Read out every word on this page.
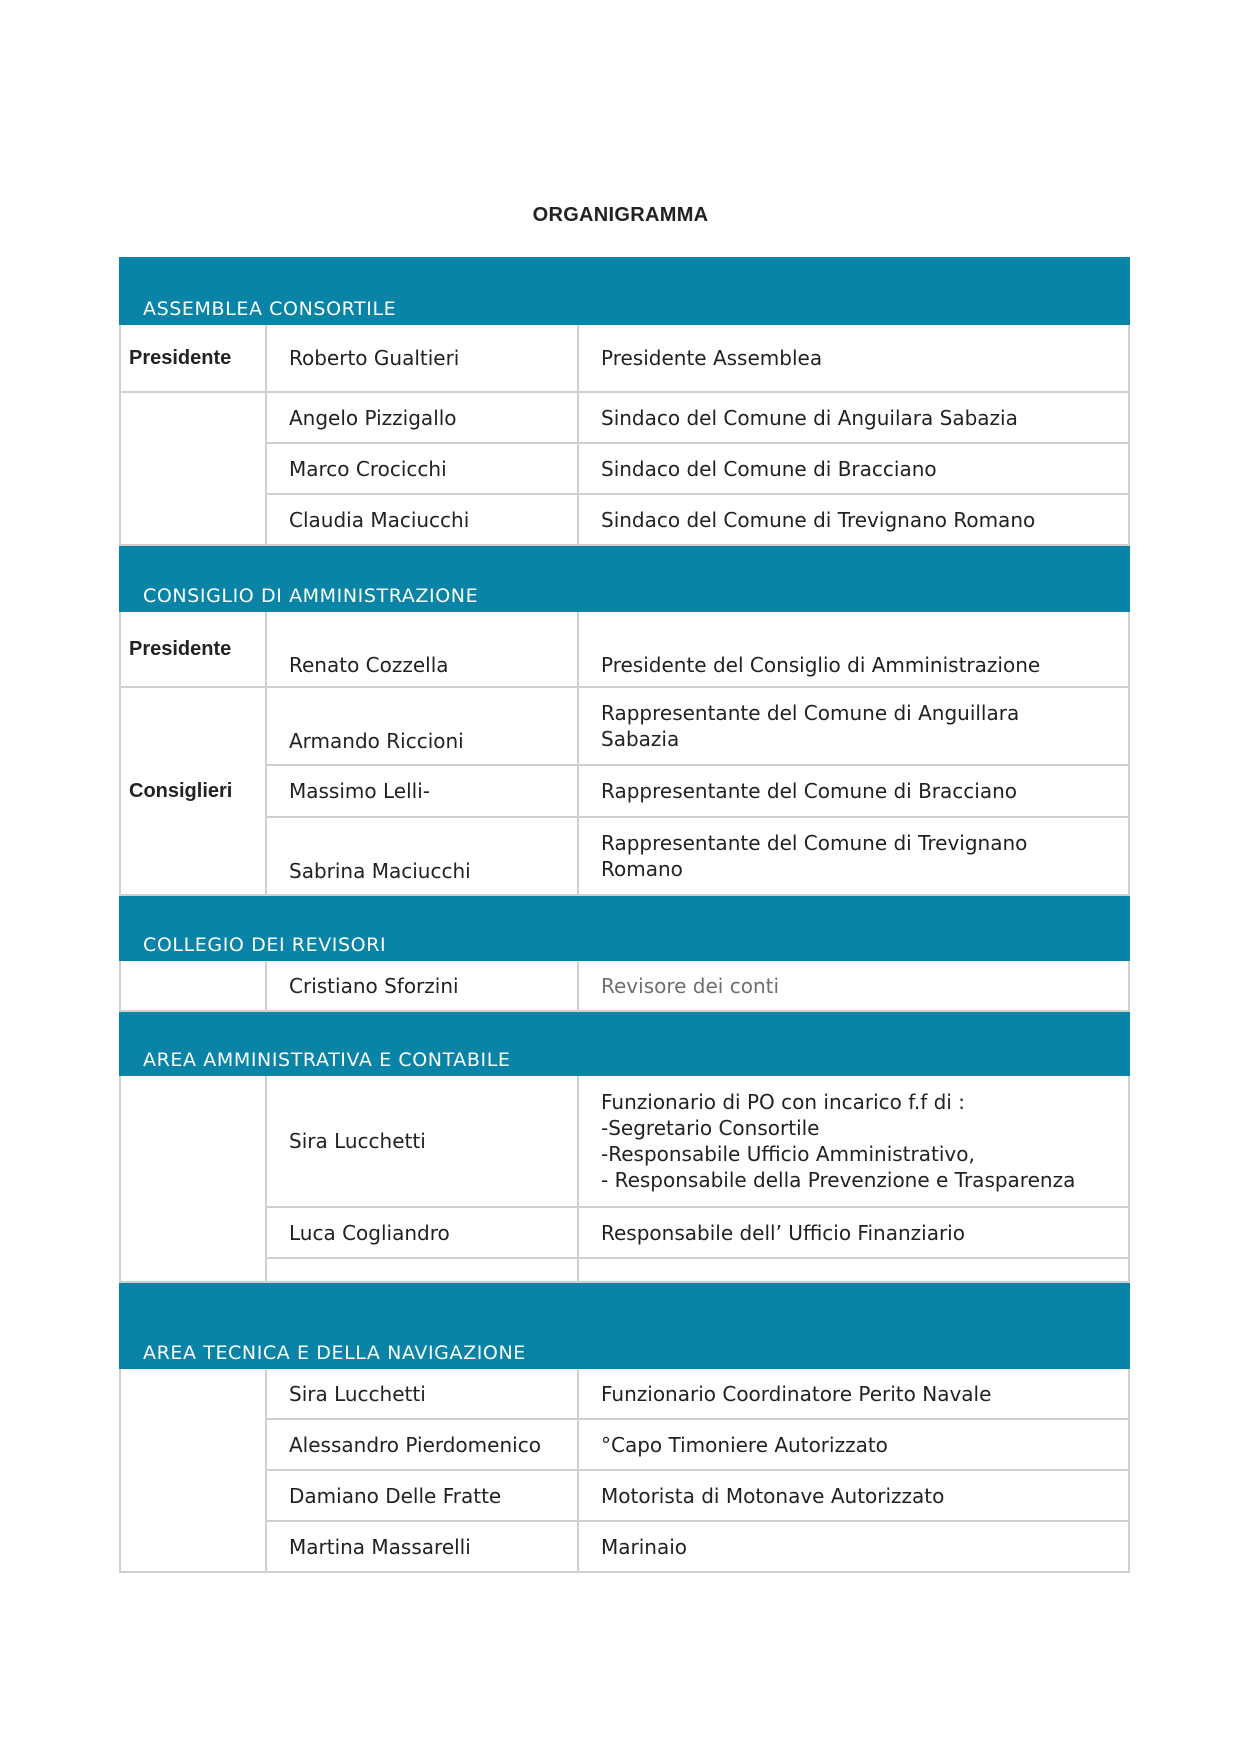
ORGANIGRAMMA
ASSEMBLEA CONSORTILE		
Presidente	Roberto Gualtieri	Presidente Assemblea
	Angelo Pizzigallo	Sindaco del Comune di Anguilara Sabazia
	Marco Crocicchi	Sindaco del Comune di Bracciano
	Claudia Maciucchi	Sindaco del Comune di Trevignano Romano
CONSIGLIO DI AMMINISTRAZIONE		
Presidente	Renato Cozzella	Presidente del Consiglio di Amministrazione
Consiglieri	Armando Riccioni	Rappresentante del Comune di Anguillara
Sabazia

	Massimo Lelli-	Rappresentante del Comune di Bracciano
	Sabrina Maciucchi	Rappresentante del Comune di Trevignano
Romano

COLLEGIO DEI REVISORI		
	Cristiano Sforzini	Revisore dei conti
AREA AMMINISTRATIVA E CONTABILE		
	Sira Lucchetti	Funzionario di PO con incarico f.f di :
-Segretario Consortile
-Responsabile Ufficio Amministrativo,
- Responsabile della Prevenzione e Trasparenza

	Luca Cogliandro	Responsabile dell’ Ufficio Finanziario

AREA TECNICA E DELLA NAVIGAZIONE		
	Sira Lucchetti	Funzionario Coordinatore Perito Navale
	Alessandro Pierdomenico	°Capo Timoniere Autorizzato
	Damiano Delle Fratte	Motorista di Motonave Autorizzato
	Martina Massarelli	Marinaio
